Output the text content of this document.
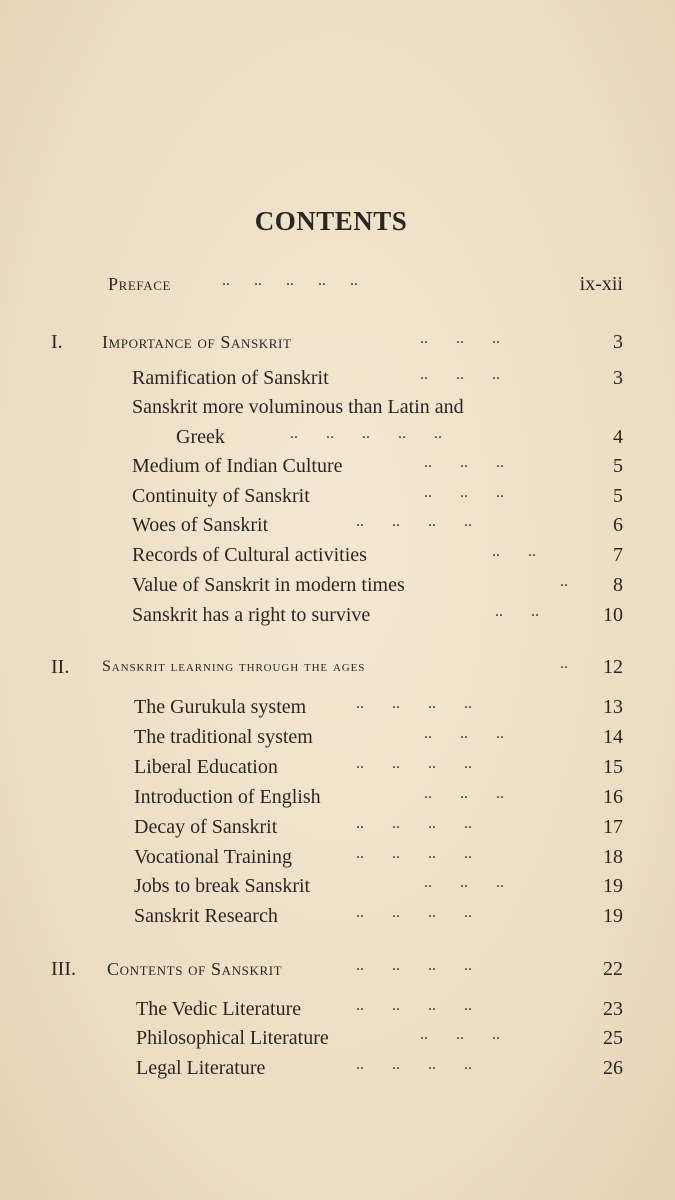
CONTENTS
Preface	..      ..      ..      ..      ..	ix-xii
I. Importance of Sanskrit	..       ..       ..	3
Ramification of Sanskrit	..       ..       ..	3
Sanskrit more voluminous than Latin and
Greek	..       ..       ..       ..       ..	4
Medium of Indian Culture	..       ..       ..	5
Continuity of Sanskrit	..       ..       ..	5
Woes of Sanskrit	..       ..       ..       ..	6
Records of Cultural activities	..       ..	7
Value of Sanskrit in modern times	.. 8
Sanskrit has a right to survive	..       ..	10
II. Sanskrit learning through the ages	.. 12
The Gurukula system	..       ..       ..       ..	13
The traditional system	..       ..       ..	14
Liberal Education	..       ..       ..       ..	15
Introduction of English	..       ..       ..	16
Decay of Sanskrit	..       ..       ..       ..	17
Vocational Training	..       ..       ..       ..	18
Jobs to break Sanskrit	..       ..       ..	19
Sanskrit Research	..       ..       ..       ..	19
III. Contents of Sanskrit	..       ..       ..       ..	22
The Vedic Literature	..       ..       ..       ..	23
Philosophical Literature	..       ..       ..	25
Legal Literature	..       ..       ..       ..	26
